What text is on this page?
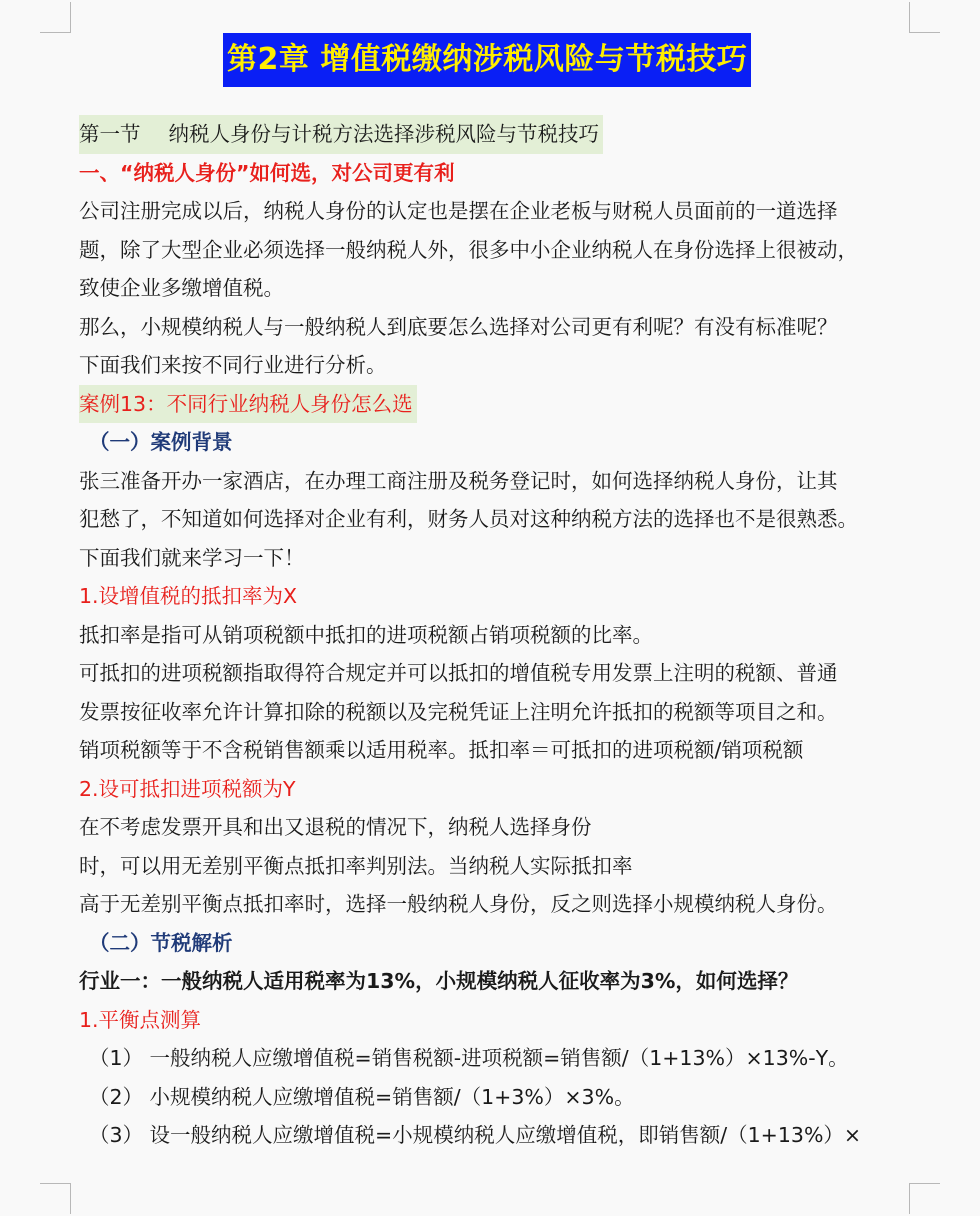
第2章 增值税缴纳涉税风险与节税技巧
第一节 纳税人身份与计税方法选择涉税风险与节税技巧
一、“纳税人身份”如何选，对公司更有利
公司注册完成以后，纳税人身份的认定也是摆在企业老板与财税人员面前的一道选择
题，除了大型企业必须选择一般纳税人外，很多中小企业纳税人在身份选择上很被动，
致使企业多缴增值税。
那么，小规模纳税人与一般纳税人到底要怎么选择对公司更有利呢？有没有标准呢？
下面我们来按不同行业进行分析。
案例13：不同行业纳税人身份怎么选
（一）案例背景
张三准备开办一家酒店，在办理工商注册及税务登记时，如何选择纳税人身份，让其
犯愁了，不知道如何选择对企业有利，财务人员对这种纳税方法的选择也不是很熟悉。
下面我们就来学习一下！
1.设增值税的抵扣率为X
抵扣率是指可从销项税额中抵扣的进项税额占销项税额的比率。
可抵扣的进项税额指取得符合规定并可以抵扣的增值税专用发票上注明的税额、普通
发票按征收率允许计算扣除的税额以及完税凭证上注明允许抵扣的税额等项目之和。
销项税额等于不含税销售额乘以适用税率。抵扣率＝可抵扣的进项税额/销项税额
2.设可抵扣进项税额为Y
在不考虑发票开具和出又退税的情况下，纳税人选择身份
时，可以用无差别平衡点抵扣率判别法。当纳税人实际抵扣率
高于无差别平衡点抵扣率时，选择一般纳税人身份，反之则选择小规模纳税人身份。
（二）节税解析
行业一：一般纳税人适用税率为13%，小规模纳税人征收率为3%，如何选择？
1.平衡点测算
（1） 一般纳税人应缴增值税=销售税额-进项税额=销售额/（1+13%）×13%-Y。
（2） 小规模纳税人应缴增值税=销售额/（1+3%）×3%。
（3） 设一般纳税人应缴增值税=小规模纳税人应缴增值税，即销售额/（1+13%）×
